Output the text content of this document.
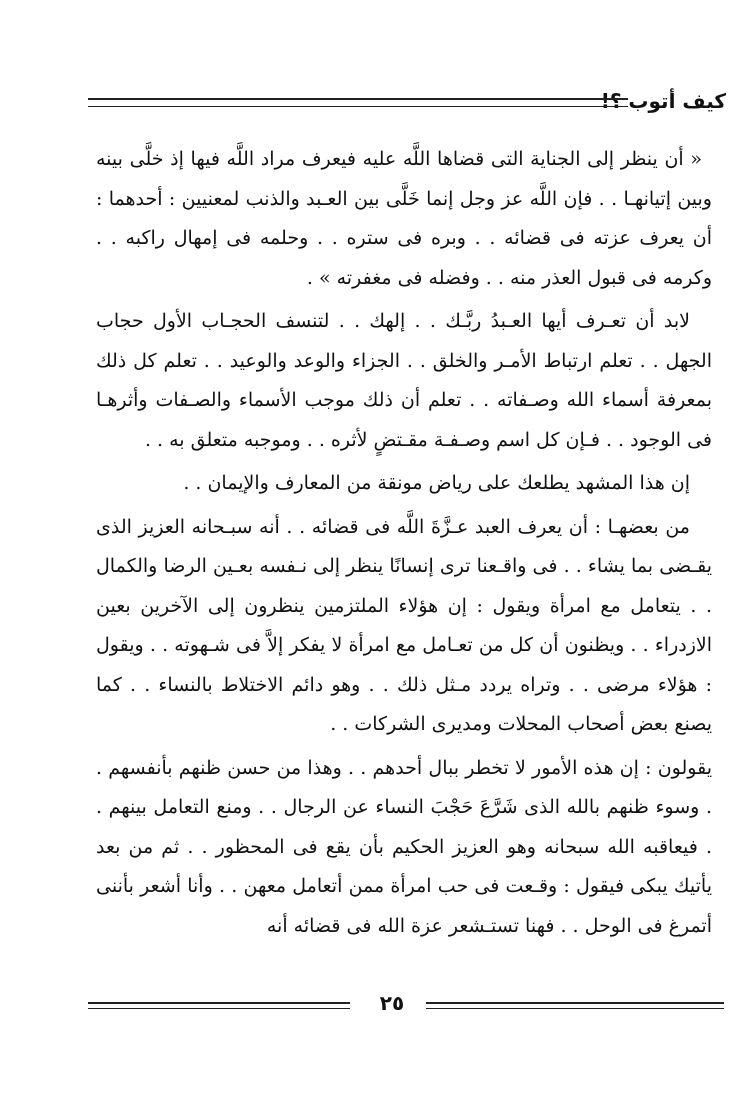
كيف أتوب ؟!

« أن ينظر إلى الجناية التى قضاها اللَّه عليه فيعرف مراد اللَّه فيها إذ خلَّى بينه وبين إتيانهـا . . فإن اللَّه عز وجل إنما خَلَّى بين العـبد والذنب لمعنيين : أحدهما : أن يعرف عزته فى قضائه . . وبره فى ستره . . وحلمه فى إمهال راكبه . . وكرمه فى قبول العذر منه . . وفضله فى مغفرته » .

لابد أن تعـرف أيها العـبدُ ربَّـك . . إلهك . . لتنسف الحجـاب الأول حجاب الجهل . . تعلم ارتباط الأمـر والخلق . . الجزاء والوعد والوعيد . . تعلم كل ذلك بمعرفة أسماء الله وصـفاته . . تعلم أن ذلك موجب الأسماء والصـفات وأثرهـا فى الوجود . . فـإن كل اسم وصـفـة مقـتضٍ لأثره . . وموجبه متعلق به . .

إن هذا المشهد يطلعك على رياض مونقة من المعارف والإيمان . .

من بعضهـا : أن يعرف العبد عـزَّةَ اللَّه فى قضائه . . أنه سبـحانه العزيز الذى يقـضى بما يشاء . . فى واقـعنا ترى إنسانًا ينظر إلى نـفسه بعـين الرضا والكمال . . يتعامل مع امرأة ويقول : إن هؤلاء الملتزمين ينظرون إلى الآخرين بعين الازدراء . . ويظنون أن كل من تعـامل مع امرأة لا يفكر إلاَّ فى شـهوته . . ويقول : هؤلاء مرضى . . وتراه يردد مـثل ذلك . . وهو دائم الاختلاط بالنساء . . كما يصنع بعض أصحاب المحلات ومديرى الشركات . .

يقولون : إن هذه الأمور لا تخطر ببال أحدهم . . وهذا من حسن ظنهم بأنفسهم . . وسوء ظنهم بالله الذى شَرَّعَ حَجْبَ النساء عن الرجال . . ومنع التعامل بينهم . . فيعاقبه الله سبحانه وهو العزيز الحكيم بأن يقع فى المحظور . . ثم من بعد يأتيك يبكى فيقول : وقـعت فى حب امرأة ممن أتعامل معهن . . وأنا أشعر بأننى أتمرغ فى الوحل . . فهنا تستـشعر عزة الله فى قضائه أنه

٢٥
